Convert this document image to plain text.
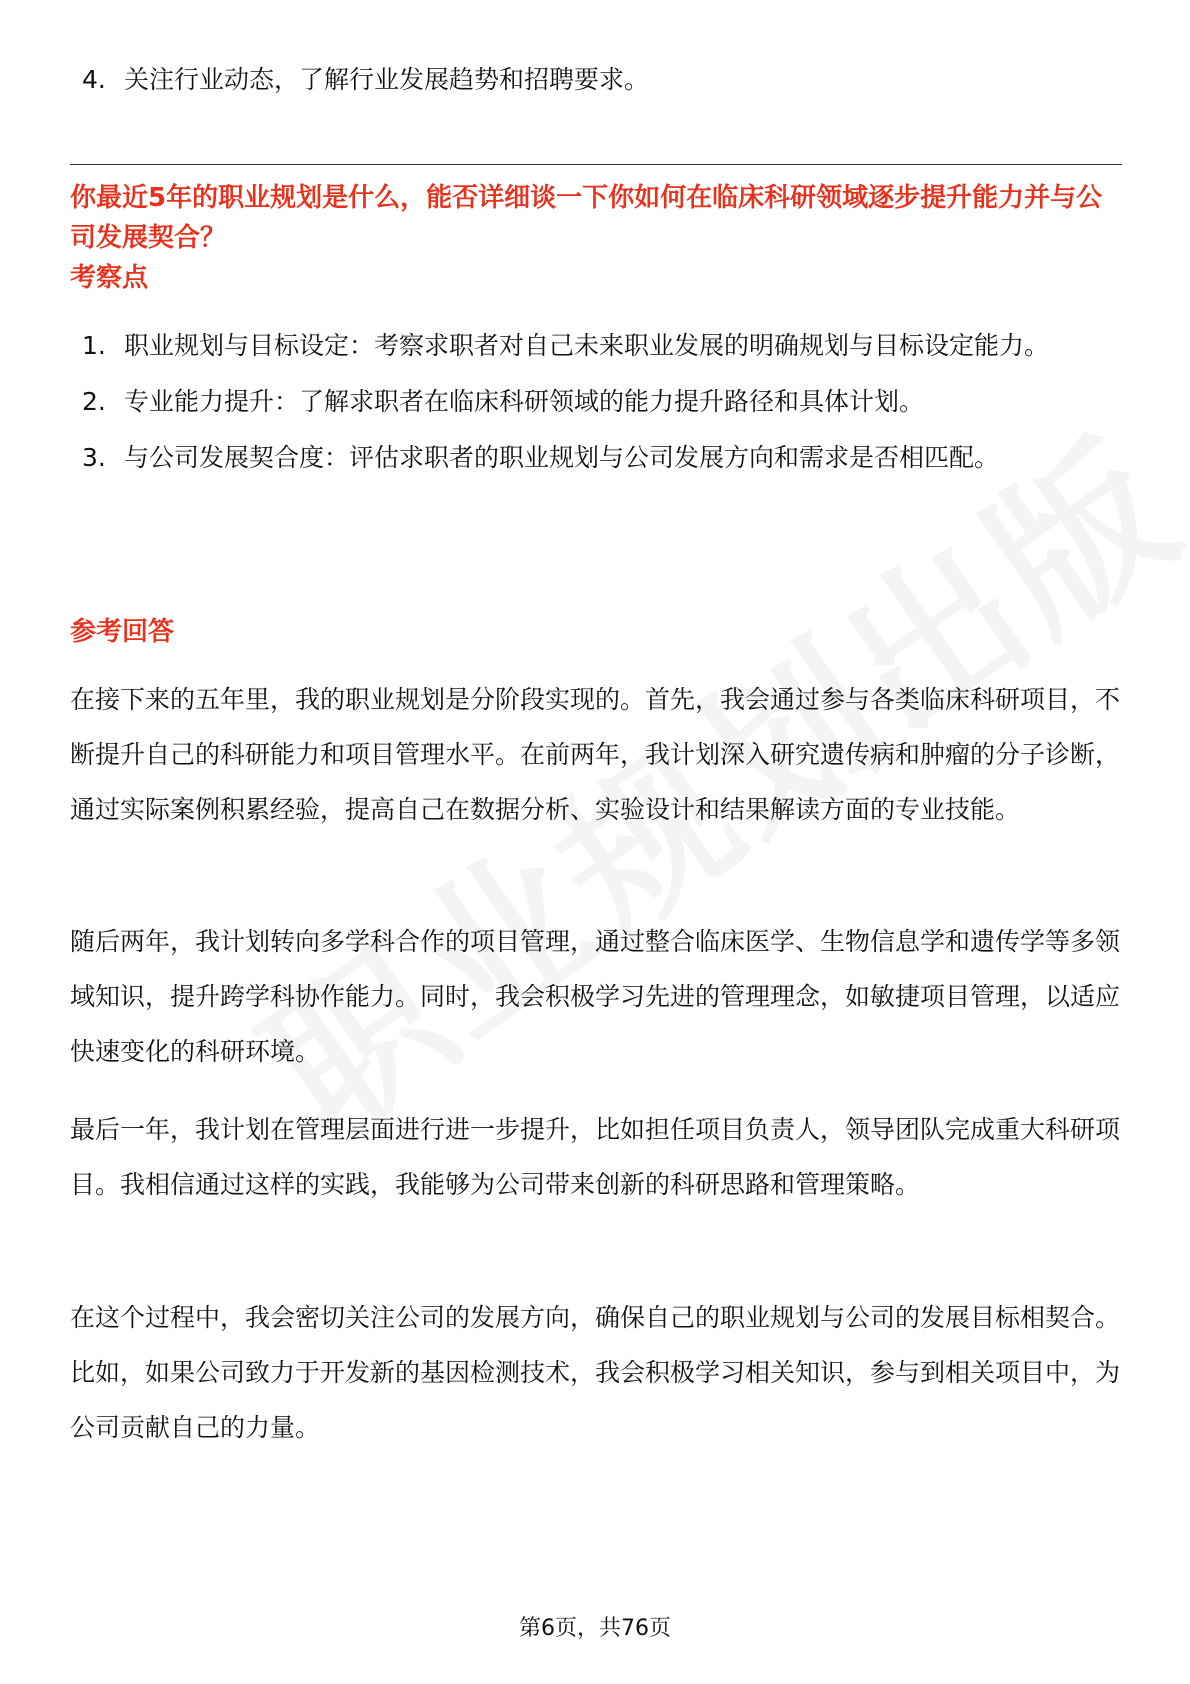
4. 关注行业动态，了解行业发展趋势和招聘要求。
你最近5年的职业规划是什么，能否详细谈一下你如何在临床科研领域逐步提升能力并与公司发展契合？
考察点
1. 职业规划与目标设定：考察求职者对自己未来职业发展的明确规划与目标设定能力。
2. 专业能力提升：了解求职者在临床科研领域的能力提升路径和具体计划。
3. 与公司发展契合度：评估求职者的职业规划与公司发展方向和需求是否相匹配。
参考回答

在接下来的五年里，我的职业规划是分阶段实现的。首先，我会通过参与各类临床科研项目，不断提升自己的科研能力和项目管理水平。在前两年，我计划深入研究遗传病和肿瘤的分子诊断，通过实际案例积累经验，提高自己在数据分析、实验设计和结果解读方面的专业技能。

随后两年，我计划转向多学科合作的项目管理，通过整合临床医学、生物信息学和遗传学等多领域知识，提升跨学科协作能力。同时，我会积极学习先进的管理理念，如敏捷项目管理，以适应快速变化的科研环境。

最后一年，我计划在管理层面进行进一步提升，比如担任项目负责人，领导团队完成重大科研项目。我相信通过这样的实践，我能够为公司带来创新的科研思路和管理策略。

在这个过程中，我会密切关注公司的发展方向，确保自己的职业规划与公司的发展目标相契合。比如，如果公司致力于开发新的基因检测技术，我会积极学习相关知识，参与到相关项目中，为公司贡献自己的力量。

第6页，共76页
